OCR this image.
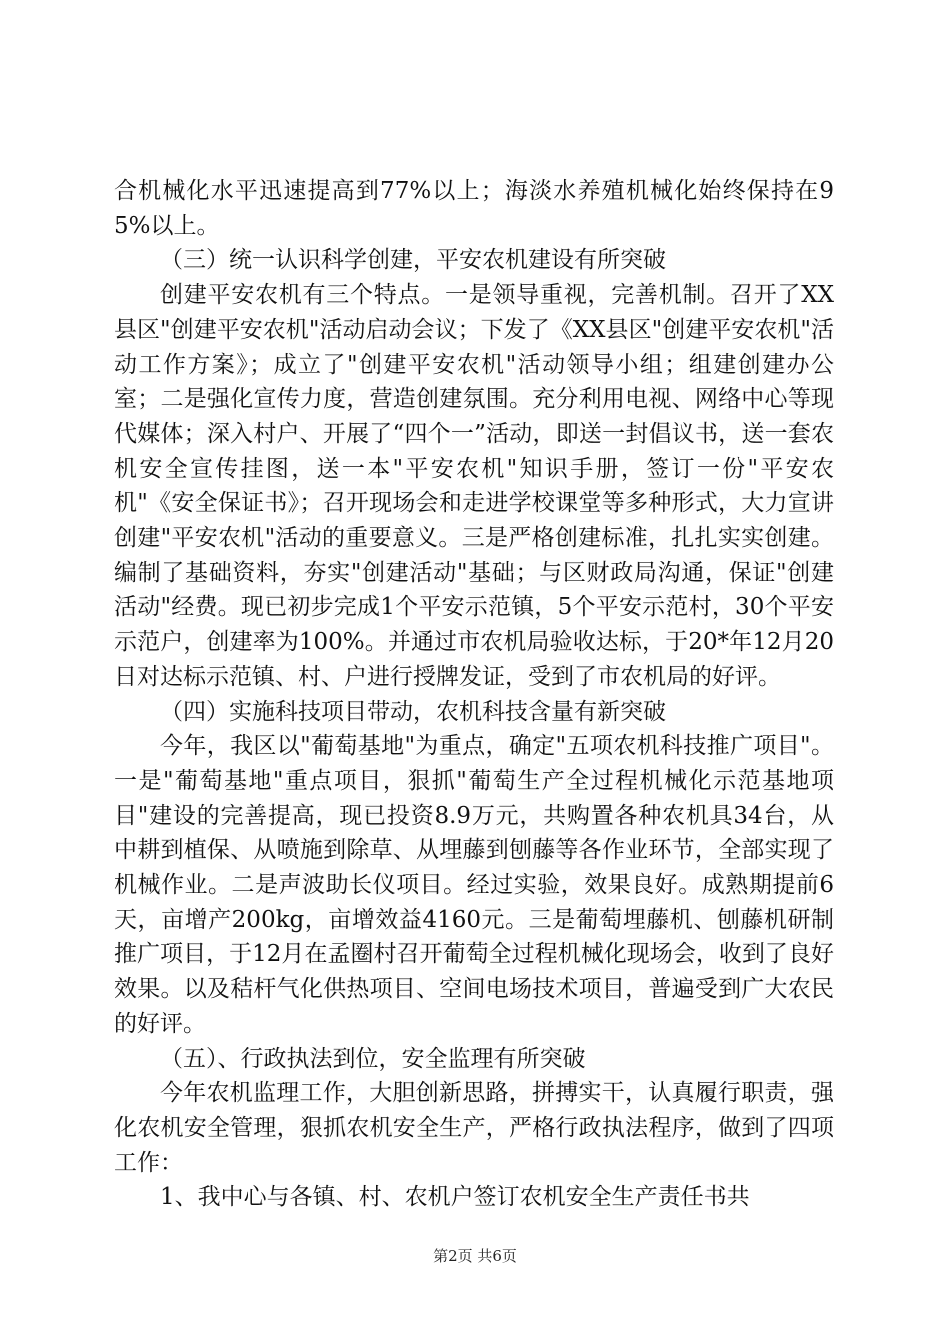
合机械化水平迅速提高到77%以上；海淡水养殖机械化始终保持在95%以上。

（三）统一认识科学创建，平安农机建设有所突破

创建平安农机有三个特点。一是领导重视，完善机制。召开了XX县区"创建平安农机"活动启动会议；下发了《XX县区"创建平安农机"活动工作方案》；成立了"创建平安农机"活动领导小组；组建创建办公室；二是强化宣传力度，营造创建氛围。充分利用电视、网络中心等现代媒体；深入村户、开展了“四个一”活动，即送一封倡议书，送一套农机安全宣传挂图，送一本"平安农机"知识手册，签订一份"平安农机"《安全保证书》；召开现场会和走进学校课堂等多种形式，大力宣讲创建"平安农机"活动的重要意义。三是严格创建标准，扎扎实实创建。编制了基础资料，夯实"创建活动"基础；与区财政局沟通，保证"创建活动"经费。现已初步完成1个平安示范镇，5个平安示范村，30个平安示范户，创建率为100%。并通过市农机局验收达标，于20*年12月20日对达标示范镇、村、户进行授牌发证，受到了市农机局的好评。

（四）实施科技项目带动，农机科技含量有新突破

今年，我区以"葡萄基地"为重点，确定"五项农机科技推广项目"。一是"葡萄基地"重点项目，狠抓"葡萄生产全过程机械化示范基地项目"建设的完善提高，现已投资8.9万元，共购置各种农机具34台，从中耕到植保、从喷施到除草、从埋藤到刨藤等各作业环节，全部实现了机械作业。二是声波助长仪项目。经过实验，效果良好。成熟期提前6天，亩增产200kg，亩增效益4160元。三是葡萄埋藤机、刨藤机研制推广项目，于12月在孟圈村召开葡萄全过程机械化现场会，收到了良好效果。以及秸杆气化供热项目、空间电场技术项目，普遍受到广大农民的好评。

（五）、行政执法到位，安全监理有所突破

今年农机监理工作，大胆创新思路，拼搏实干，认真履行职责，强化农机安全管理，狠抓农机安全生产，严格行政执法程序，做到了四项工作：

1、我中心与各镇、村、农机户签订农机安全生产责任书共

第2页 共6页
